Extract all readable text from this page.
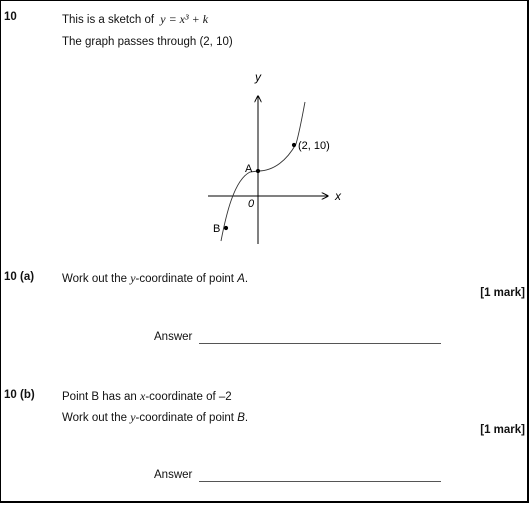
10	This is a sketch of y = x³ + k
The graph passes through (2, 10)
y
x
0
A
B
(2, 10)
10 (a) Work out the y-coordinate of point A.
[1 mark]
Answer
10 (b) Point B has an x-coordinate of –2
Work out the y-coordinate of point B.
[1 mark]
Answer
